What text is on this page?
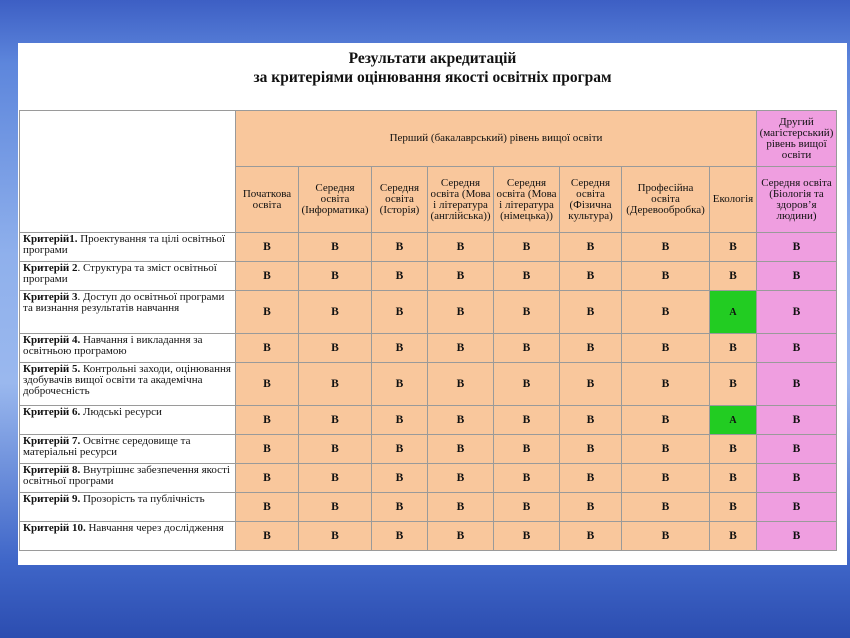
Результати акредитацій
за критеріями оцінювання якості освітніх програм
	Перший (бакалаврський) рівень вищої освіти								Другий (магістерський) рівень вищої освіти
	Початкова освіта	Середня освіта (Інформатика)	Середня освіта (Історія)	Середня освіта (Мова і література (англійська))	Середня освіта (Мова і література (німецька))	Середня освіта (Фізична культура)	Професійна освіта (Деревообробка)	Екологія	Середня освіта (Біологія та здоров’я людини)
Критерій1. Проектування та цілі освітньої програми	B	B	B	B	B	B	B	B	B
Критерій 2. Структура та зміст освітньої програми	B	B	B	B	B	B	B	B	B
Критерій 3. Доступ до освітньої програми та визнання результатів навчання	B	B	B	B	B	B	B	A	B
Критерій 4. Навчання і викладання за освітньою програмою	B	B	B	B	B	B	B	B	B
Критерій 5. Контрольні заходи, оцінювання здобувачів вищої освіти та академічна доброчесність	B	B	B	B	B	B	B	B	B
Критерій 6. Людські ресурси	B	B	B	B	B	B	B	A	B
Критерій 7. Освітнє середовище та матеріальні ресурси	B	B	B	B	B	B	B	B	B
Критерій 8. Внутрішнє забезпечення якості освітньої програми	B	B	B	B	B	B	B	B	B
Критерій 9. Прозорість та публічність	B	B	B	B	B	B	B	B	B
Критерій 10. Навчання через дослідження	B	B	B	B	B	B	B	B	B
